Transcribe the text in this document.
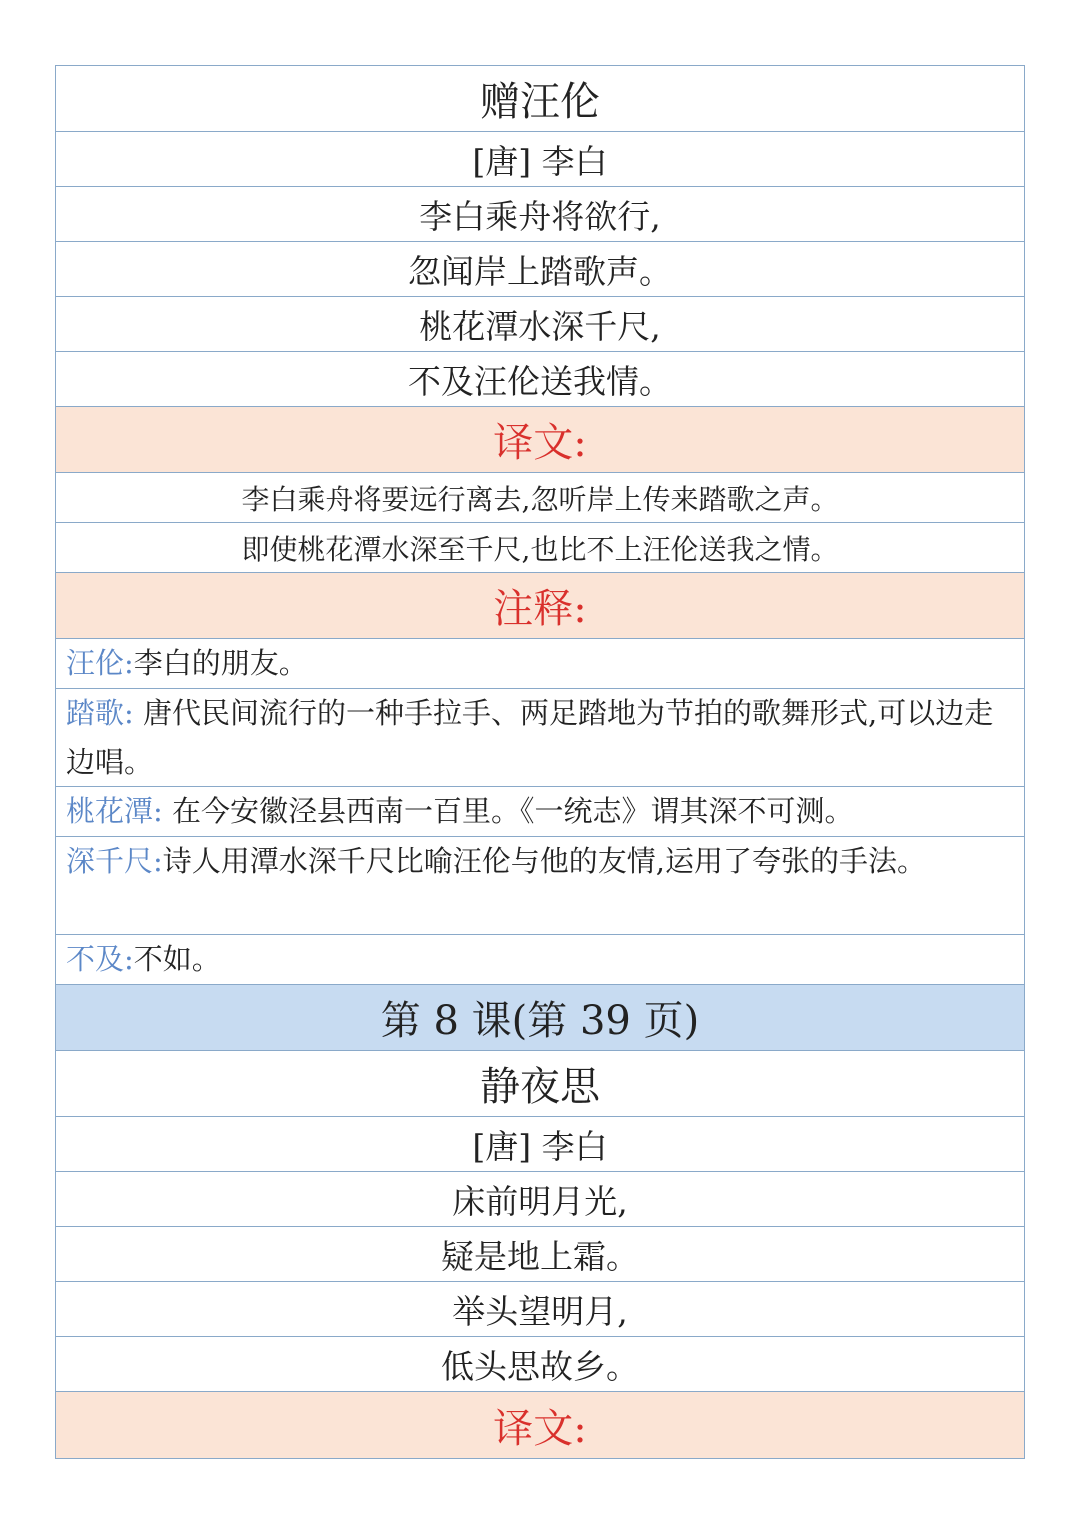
赠汪伦
[唐] 李白
李白乘舟将欲行,
忽闻岸上踏歌声。
桃花潭水深千尺,
不及汪伦送我情。
译文:
李白乘舟将要远行离去,忽听岸上传来踏歌之声。
即使桃花潭水深至千尺,也比不上汪伦送我之情。
注释:
汪伦:李白的朋友。
踏歌: 唐代民间流行的一种手拉手、两足踏地为节拍的歌舞形式,可以边走边唱。
桃花潭: 在今安徽泾县西南一百里。《一统志》谓其深不可测。
深千尺:诗人用潭水深千尺比喻汪伦与他的友情,运用了夸张的手法。
不及:不如。
第 8 课(第 39 页)
静夜思
[唐] 李白
床前明月光,
疑是地上霜。
举头望明月,
低头思故乡。
译文:
